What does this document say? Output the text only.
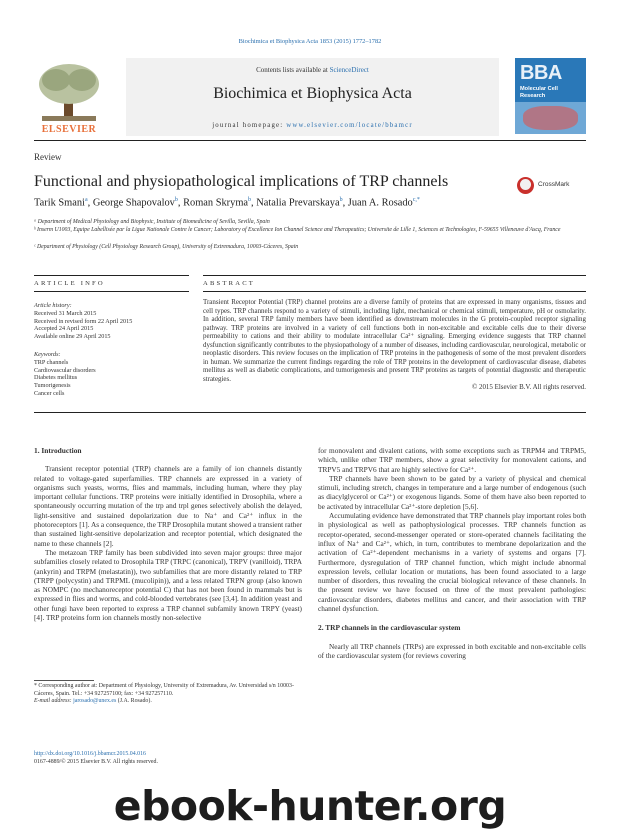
Biochimica et Biophysica Acta 1853 (2015) 1772–1782
ELSEVIER
Contents lists available at ScienceDirect
Biochimica et Biophysica Acta
journal homepage: www.elsevier.com/locate/bbamcr
BBA
Molecular Cell Research
Review
Functional and physiopathological implications of TRP channels	CrossMark
Tarik Smani$^a$, George Shapovalov$^b$, Roman Skryma$^b$, Natalia Prevarskaya$^b$, Juan A. Rosado$^{c,*}$
ᵃ Department of Medical Physiology and Biophysic, Institute of Biomedicine of Sevilla, Sevilla, Spain
ᵇ Inserm U1003, Equipe Labellisée par la Ligue Nationale Contre le Cancer; Laboratory of Excellence Ion Channel Science and Therapeutics; Universite de Lille 1, Sciences et Technologies, F-59655 Villeneuve d'Ascq, France
ᶜ Department of Physiology (Cell Physiology Research Group), University of Extremadura, 10003-Cáceres, Spain
ARTICLE INFO	ABSTRACT
Article history:
Received 31 March 2015
Received in revised form 22 April 2015
Accepted 24 April 2015
Available online 29 April 2015
Keywords:
TRP channels
Cardiovascular disorders
Diabetes mellitus
Tumorigenesis
Cancer cells
Transient Receptor Potential (TRP) channel proteins are a diverse family of proteins that are expressed in many organisms, tissues and cell types. TRP channels respond to a variety of stimuli, including light, mechanical or chemical stimuli, temperature, pH or osmolarity. In addition, several TRP family members have been identified as downstream molecules in the G protein-coupled receptor signaling pathway. TRP proteins are involved in a variety of cell functions both in non-excitable and excitable cells due to their diverse permeability to cations and their ability to modulate intracellular Ca²⁺ signaling. Emerging evidence suggests that TRP channel dysfunction significantly contributes to the physiopathology of a number of diseases, including cardiovascular, neurological, metabolic or neoplastic disorders. This review focuses on the implication of TRP proteins in the pathogenesis of some of the most prevalent disorders in human. We summarize the current findings regarding the role of TRP proteins in the development of cardiovascular disease, diabetes mellitus as well as diabetic complications, and tumorigenesis and present TRP proteins as targets of potential diagnostic and therapeutic strategies.
© 2015 Elsevier B.V. All rights reserved.

1. Introduction

Transient receptor potential (TRP) channels are a family of ion channels distantly related to voltage-gated superfamilies. TRP channels are expressed in a variety of organisms such yeasts, worms, flies and mammals, including human, where they play important cellular functions. TRP proteins were initially identified in Drosophila, where a spontaneously occurring mutation of the trp and trpl genes selectively abolish the delayed, light-sensitive and sustained depolarization due to Na⁺ and Ca²⁺ influx in the photoreceptors [1]. As a consequence, the TRP Drosophila mutant showed a transient rather than sustained light-sensitive depolarization and receptor potential, which designated the name to these channels [2].

The metazoan TRP family has been subdivided into seven major groups: three major subfamilies closely related to Drosophila TRP (TRPC (canonical), TRPV (vanilloid), TRPA (ankyrin) and TRPM (melastatin)), two subfamilies that are more distantly related to TRP (TRPP (polycystin) and TRPML (mucolipin)), and a less related TRPN group (also known as NOMPC (no mechanoreceptor potential C) that has not been found in mammals but is expressed in flies and worms, and cold-blooded vertebrates (see [3,4]. In addition yeast and other fungi have been reported to express a TRP channel subfamily known TRPY (yeast) [4]. TRP proteins form ion channels mostly non-selective

for monovalent and divalent cations, with some exceptions such as TRPM4 and TRPM5, which, unlike other TRP members, show a great selectivity for monovalent cations, and TRPV5 and TRPV6 that are highly selective for Ca²⁺.

TRP channels have been shown to be gated by a variety of physical and chemical stimuli, including stretch, changes in temperature and a large number of endogenous (such as diacylglycerol or Ca²⁺) or exogenous ligands. Some of them have also been reported to be activated by intracellular Ca²⁺-store depletion [5,6].

Accumulating evidence have demonstrated that TRP channels play important roles both in physiological as well as pathophysiological processes. TRP channels function as receptor-operated, second-messenger operated or store-operated channels facilitating the influx of Na⁺ and Ca²⁺, which, in turn, contributes to membrane depolarization and the activation of Ca²⁺-dependent mechanisms in a variety of systems and organs [7]. Furthermore, dysregulation of TRP channel function, which might include abnormal expression levels, cellular location or mutations, has been found associated to a large number of disorders, thus revealing the crucial biological relevance of these channels. In the present review we have focused on three of the most prevalent pathologies: cardiovascular disorders, diabetes mellitus and cancer, and their association with TRP channel dysfunction.

2. TRP channels in the cardiovascular system

Nearly all TRP channels (TRPs) are expressed in both excitable and non-excitable cells of the cardiovascular system (for reviews covering

* Corresponding author at: Department of Physiology, University of Extremadura, Av. Universidad s/n 10003-Cáceres, Spain. Tel.: +34 927257100; fax: +34 927257110.
E-mail address: jarosado@unex.es (J.A. Rosado).
http://dx.doi.org/10.1016/j.bbamcr.2015.04.016
0167-4889/© 2015 Elsevier B.V. All rights reserved.
ebook-hunter.org
